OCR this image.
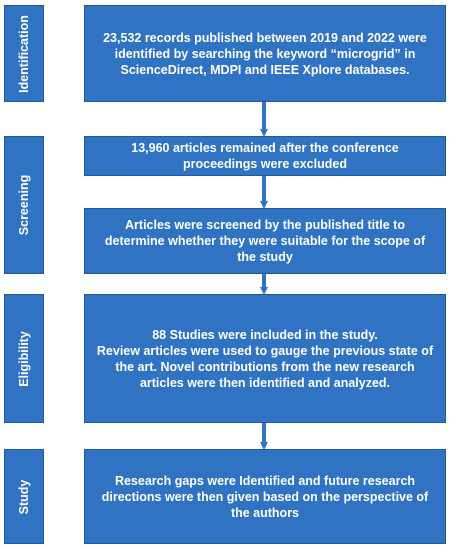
Identification
Screening
Eligibility
Study
23,532 records published between 2019 and 2022 were
identified by searching the keyword “microgrid” in
ScienceDirect, MDPI and IEEE Xplore databases.
13,960 articles remained after the conference
proceedings were excluded
Articles were screened by the published title to
determine whether they were suitable for the scope of
the study
88 Studies were included in the study.
Review articles were used to gauge the previous state of
the art. Novel contributions from the new research
articles were then identified and analyzed.
Research gaps were Identified and future research
directions were then given based on the perspective of
the authors
